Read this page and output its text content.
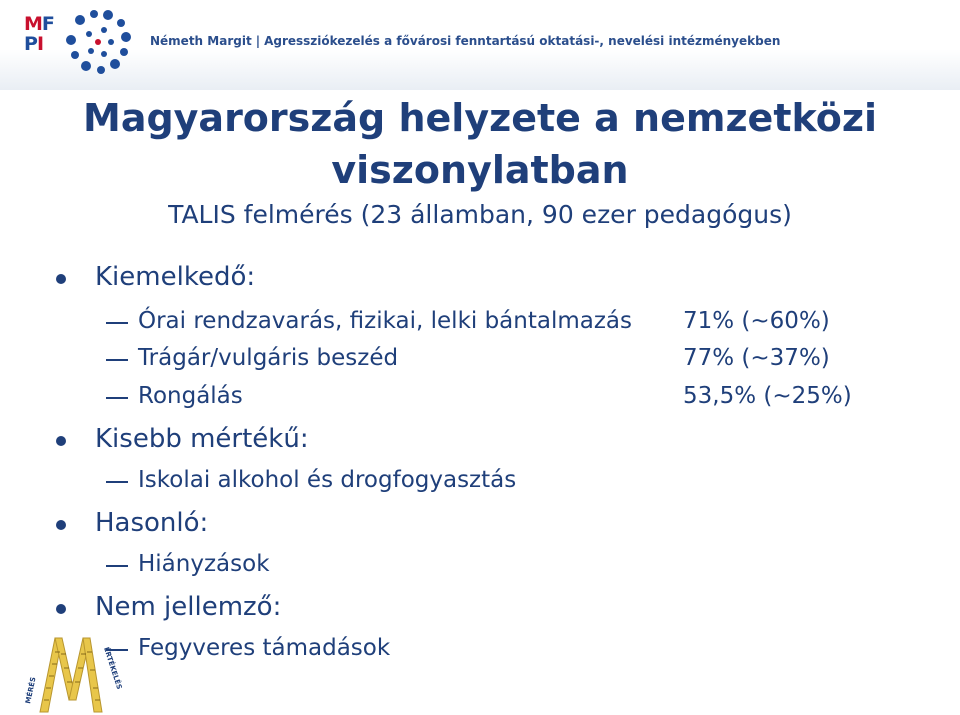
MF
PI	Németh Margit | Agressziókezelés a fővárosi fenntartású oktatási-, nevelési intézményekben
Magyarország helyzete a nemzetközi
viszonylatban
TALIS felmérés (23 államban, 90 ezer pedagógus)
Kiemelkedő:
Órai rendzavarás, fizikai, lelki bántalmazás 71% (~60%)
Trágár/vulgáris beszéd	77% (~37%)
Rongálás	53,5% (~25%)
Kisebb mértékű:
Iskolai alkohol és drogfogyasztás
Hasonló:
Hiányzások
Nem jellemző:
Fegyveres támadások
MÉRÉS
ÉRTÉKELÉS
